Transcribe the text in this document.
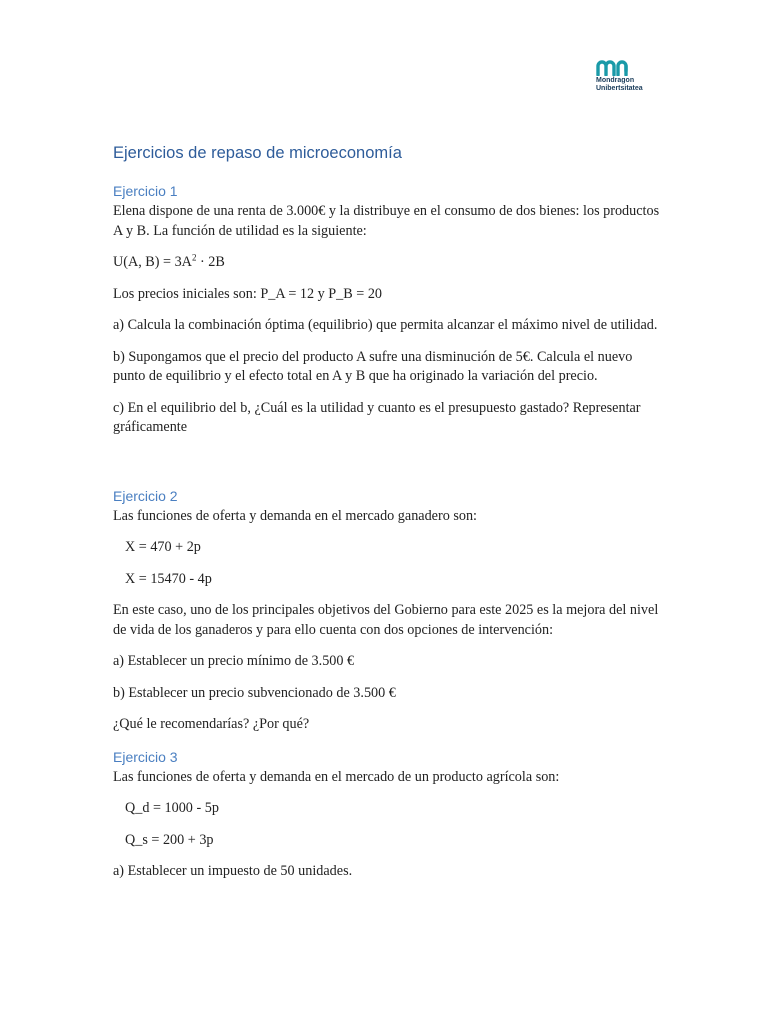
Mondragon
Unibertsitatea
Ejercicios de repaso de microeconomía
Ejercicio 1

Elena dispone de una renta de 3.000€ y la distribuye en el consumo de dos bienes: los productos A y B. La función de utilidad es la siguiente:

U(A, $B) = 3A^2 \cdot 2B$

Los precios iniciales son: P_A = 12 y P_B = 20

a) Calcula la combinación óptima (equilibrio) que permita alcanzar el máximo nivel de utilidad.

b) Supongamos que el precio del producto A sufre una disminución de 5€. Calcula el nuevo punto de equilibrio y el efecto total en A y B que ha originado la variación del precio.

c) En el equilibrio del b, ¿Cuál es la utilidad y cuanto es el presupuesto gastado? Representar gráficamente

Ejercicio 2

Las funciones de oferta y demanda en el mercado ganadero son:

X = 470 + 2p

X = 15470 - 4p

En este caso, uno de los principales objetivos del Gobierno para este 2025 es la mejora del nivel de vida de los ganaderos y para ello cuenta con dos opciones de intervención:

a) Establecer un precio mínimo de 3.500 €

b) Establecer un precio subvencionado de 3.500 €

¿Qué le recomendarías? ¿Por qué?

Ejercicio 3

Las funciones de oferta y demanda en el mercado de un producto agrícola son:

Q_d = 1000 - 5p

Q_s = 200 + 3p

a) Establecer un impuesto de 50 unidades.
